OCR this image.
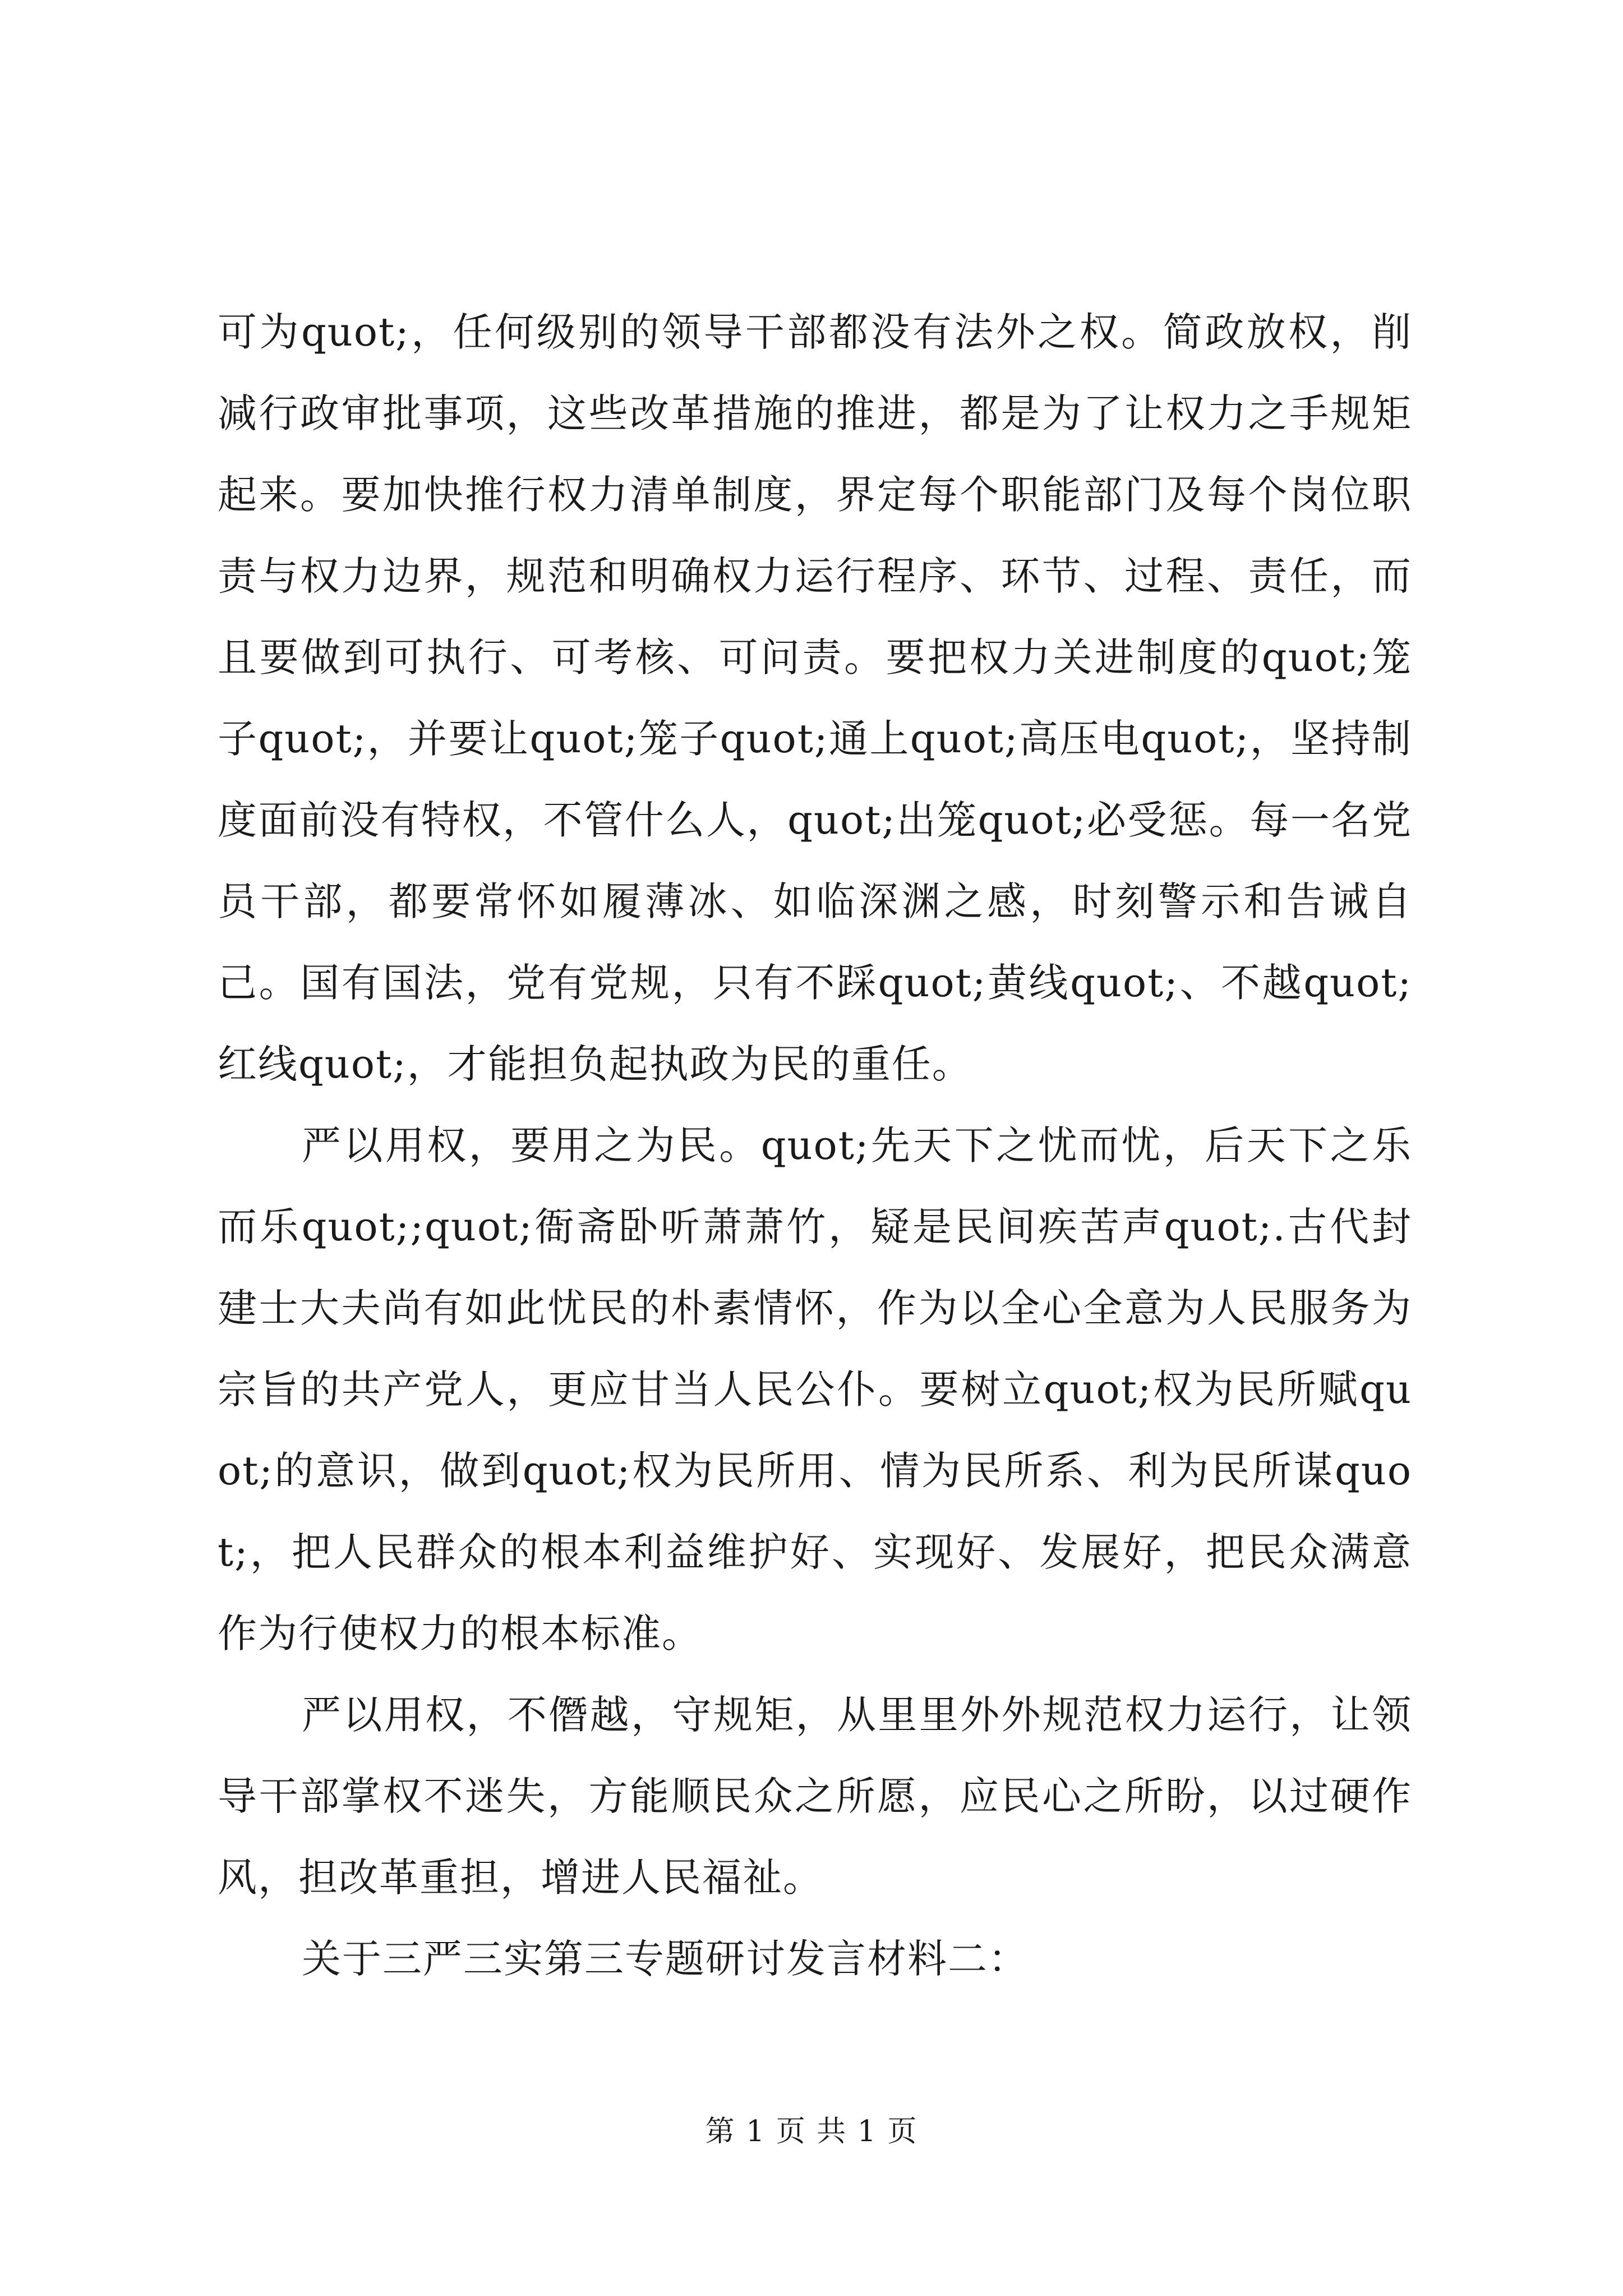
可为quot;，任何级别的领导干部都没有法外之权。简政放权，削减行政审批事项，这些改革措施的推进，都是为了让权力之手规矩起来。要加快推行权力清单制度，界定每个职能部门及每个岗位职责与权力边界，规范和明确权力运行程序、环节、过程、责任，而且要做到可执行、可考核、可问责。要把权力关进制度的quot;笼子quot;，并要让quot;笼子quot;通上quot;高压电quot;，坚持制度面前没有特权，不管什么人，quot;出笼quot;必受惩。每一名党员干部，都要常怀如履薄冰、如临深渊之感，时刻警示和告诫自己。国有国法，党有党规，只有不踩quot;黄线quot;、不越quot;红线quot;，才能担负起执政为民的重任。

严以用权，要用之为民。quot;先天下之忧而忧，后天下之乐而乐quot;;quot;衙斋卧听萧萧竹，疑是民间疾苦声quot;.古代封建士大夫尚有如此忧民的朴素情怀，作为以全心全意为人民服务为宗旨的共产党人，更应甘当人民公仆。要树立quot;权为民所赋quot;的意识，做到quot;权为民所用、情为民所系、利为民所谋quot;，把人民群众的根本利益维护好、实现好、发展好，把民众满意作为行使权力的根本标准。

严以用权，不僭越，守规矩，从里里外外规范权力运行，让领导干部掌权不迷失，方能顺民众之所愿，应民心之所盼，以过硬作风，担改革重担，增进人民福祉。

关于三严三实第三专题研讨发言材料二：

第 1 页 共 1 页
